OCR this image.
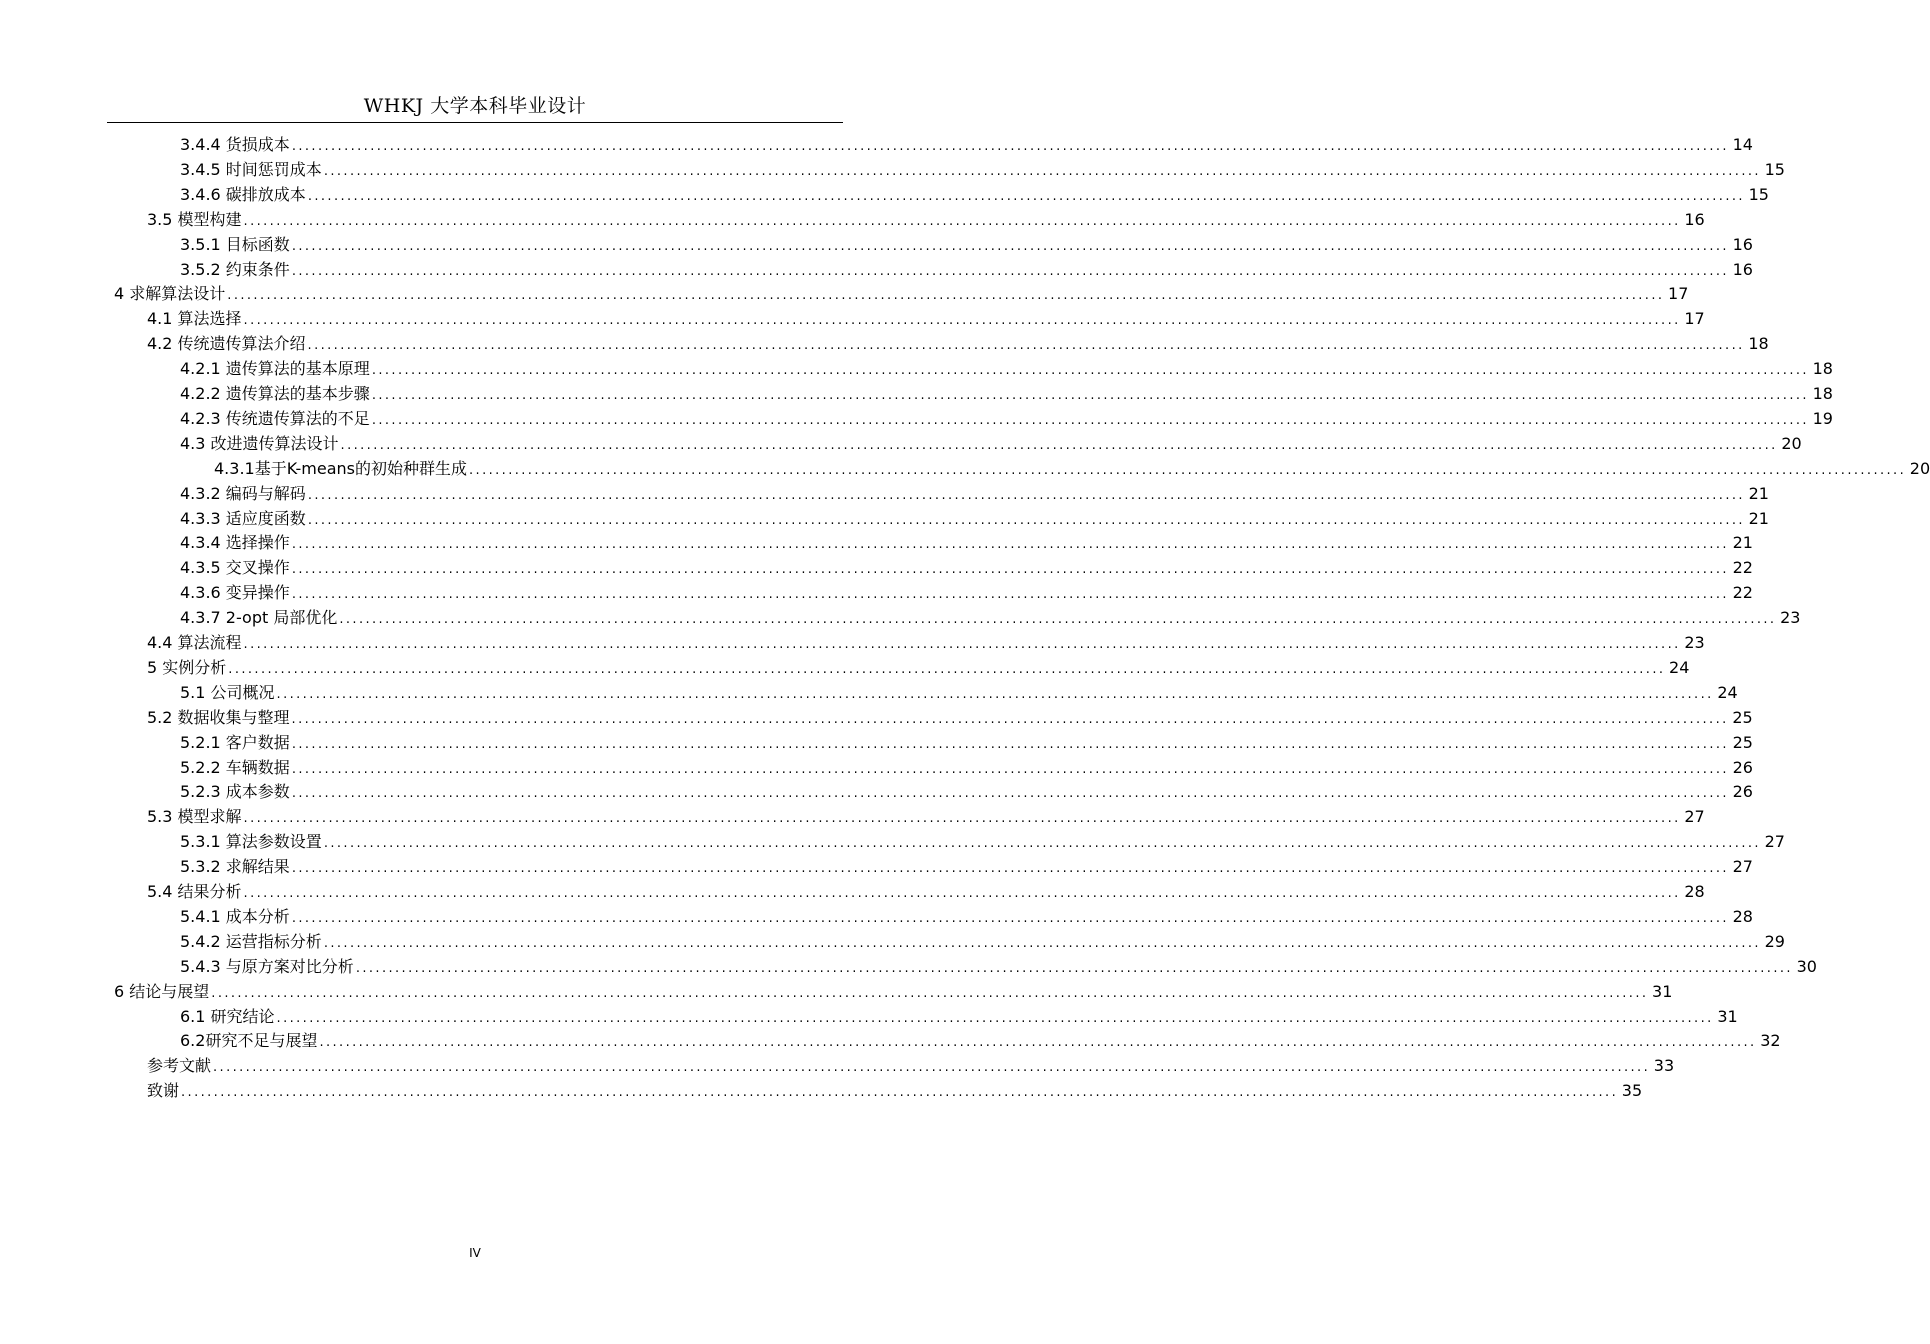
WHKJ 大学本科毕业设计
3.4.4 货损成本 ............................................................................................................................................................................................................................ 14
3.4.5 时间惩罚成本 ............................................................................................................................................................................................................................ 15
3.4.6 碳排放成本 ............................................................................................................................................................................................................................ 15
3.5 模型构建 ............................................................................................................................................................................................................................ 16
3.5.1 目标函数 ............................................................................................................................................................................................................................ 16
3.5.2 约束条件 ............................................................................................................................................................................................................................ 16
4 求解算法设计 ............................................................................................................................................................................................................................ 17
4.1 算法选择 ............................................................................................................................................................................................................................ 17
4.2 传统遗传算法介绍 ............................................................................................................................................................................................................................ 18
4.2.1 遗传算法的基本原理 ............................................................................................................................................................................................................................ 18
4.2.2 遗传算法的基本步骤 ............................................................................................................................................................................................................................ 18
4.2.3 传统遗传算法的不足 ............................................................................................................................................................................................................................ 19
4.3 改进遗传算法设计 ............................................................................................................................................................................................................................ 20
4.3.1基于K-means的初始种群生成 ............................................................................................................................................................................................................................ 20
4.3.2 编码与解码 ............................................................................................................................................................................................................................ 21
4.3.3 适应度函数 ............................................................................................................................................................................................................................ 21
4.3.4 选择操作 ............................................................................................................................................................................................................................ 21
4.3.5 交叉操作 ............................................................................................................................................................................................................................ 22
4.3.6 变异操作 ............................................................................................................................................................................................................................ 22
4.3.7 2-opt 局部优化 ............................................................................................................................................................................................................................ 23
4.4 算法流程 ............................................................................................................................................................................................................................ 23
5 实例分析 ............................................................................................................................................................................................................................ 24
5.1 公司概况 ............................................................................................................................................................................................................................ 24
5.2 数据收集与整理 ............................................................................................................................................................................................................................ 25
5.2.1 客户数据 ............................................................................................................................................................................................................................ 25
5.2.2 车辆数据 ............................................................................................................................................................................................................................ 26
5.2.3 成本参数 ............................................................................................................................................................................................................................ 26
5.3 模型求解 ............................................................................................................................................................................................................................ 27
5.3.1 算法参数设置 ............................................................................................................................................................................................................................ 27
5.3.2 求解结果 ............................................................................................................................................................................................................................ 27
5.4 结果分析 ............................................................................................................................................................................................................................ 28
5.4.1 成本分析 ............................................................................................................................................................................................................................ 28
5.4.2 运营指标分析 ............................................................................................................................................................................................................................ 29
5.4.3 与原方案对比分析 ............................................................................................................................................................................................................................ 30
6 结论与展望 ............................................................................................................................................................................................................................ 31
6.1 研究结论 ............................................................................................................................................................................................................................ 31
6.2研究不足与展望 ............................................................................................................................................................................................................................ 32
参考文献 ............................................................................................................................................................................................................................ 33
致谢 ............................................................................................................................................................................................................................ 35
IV
